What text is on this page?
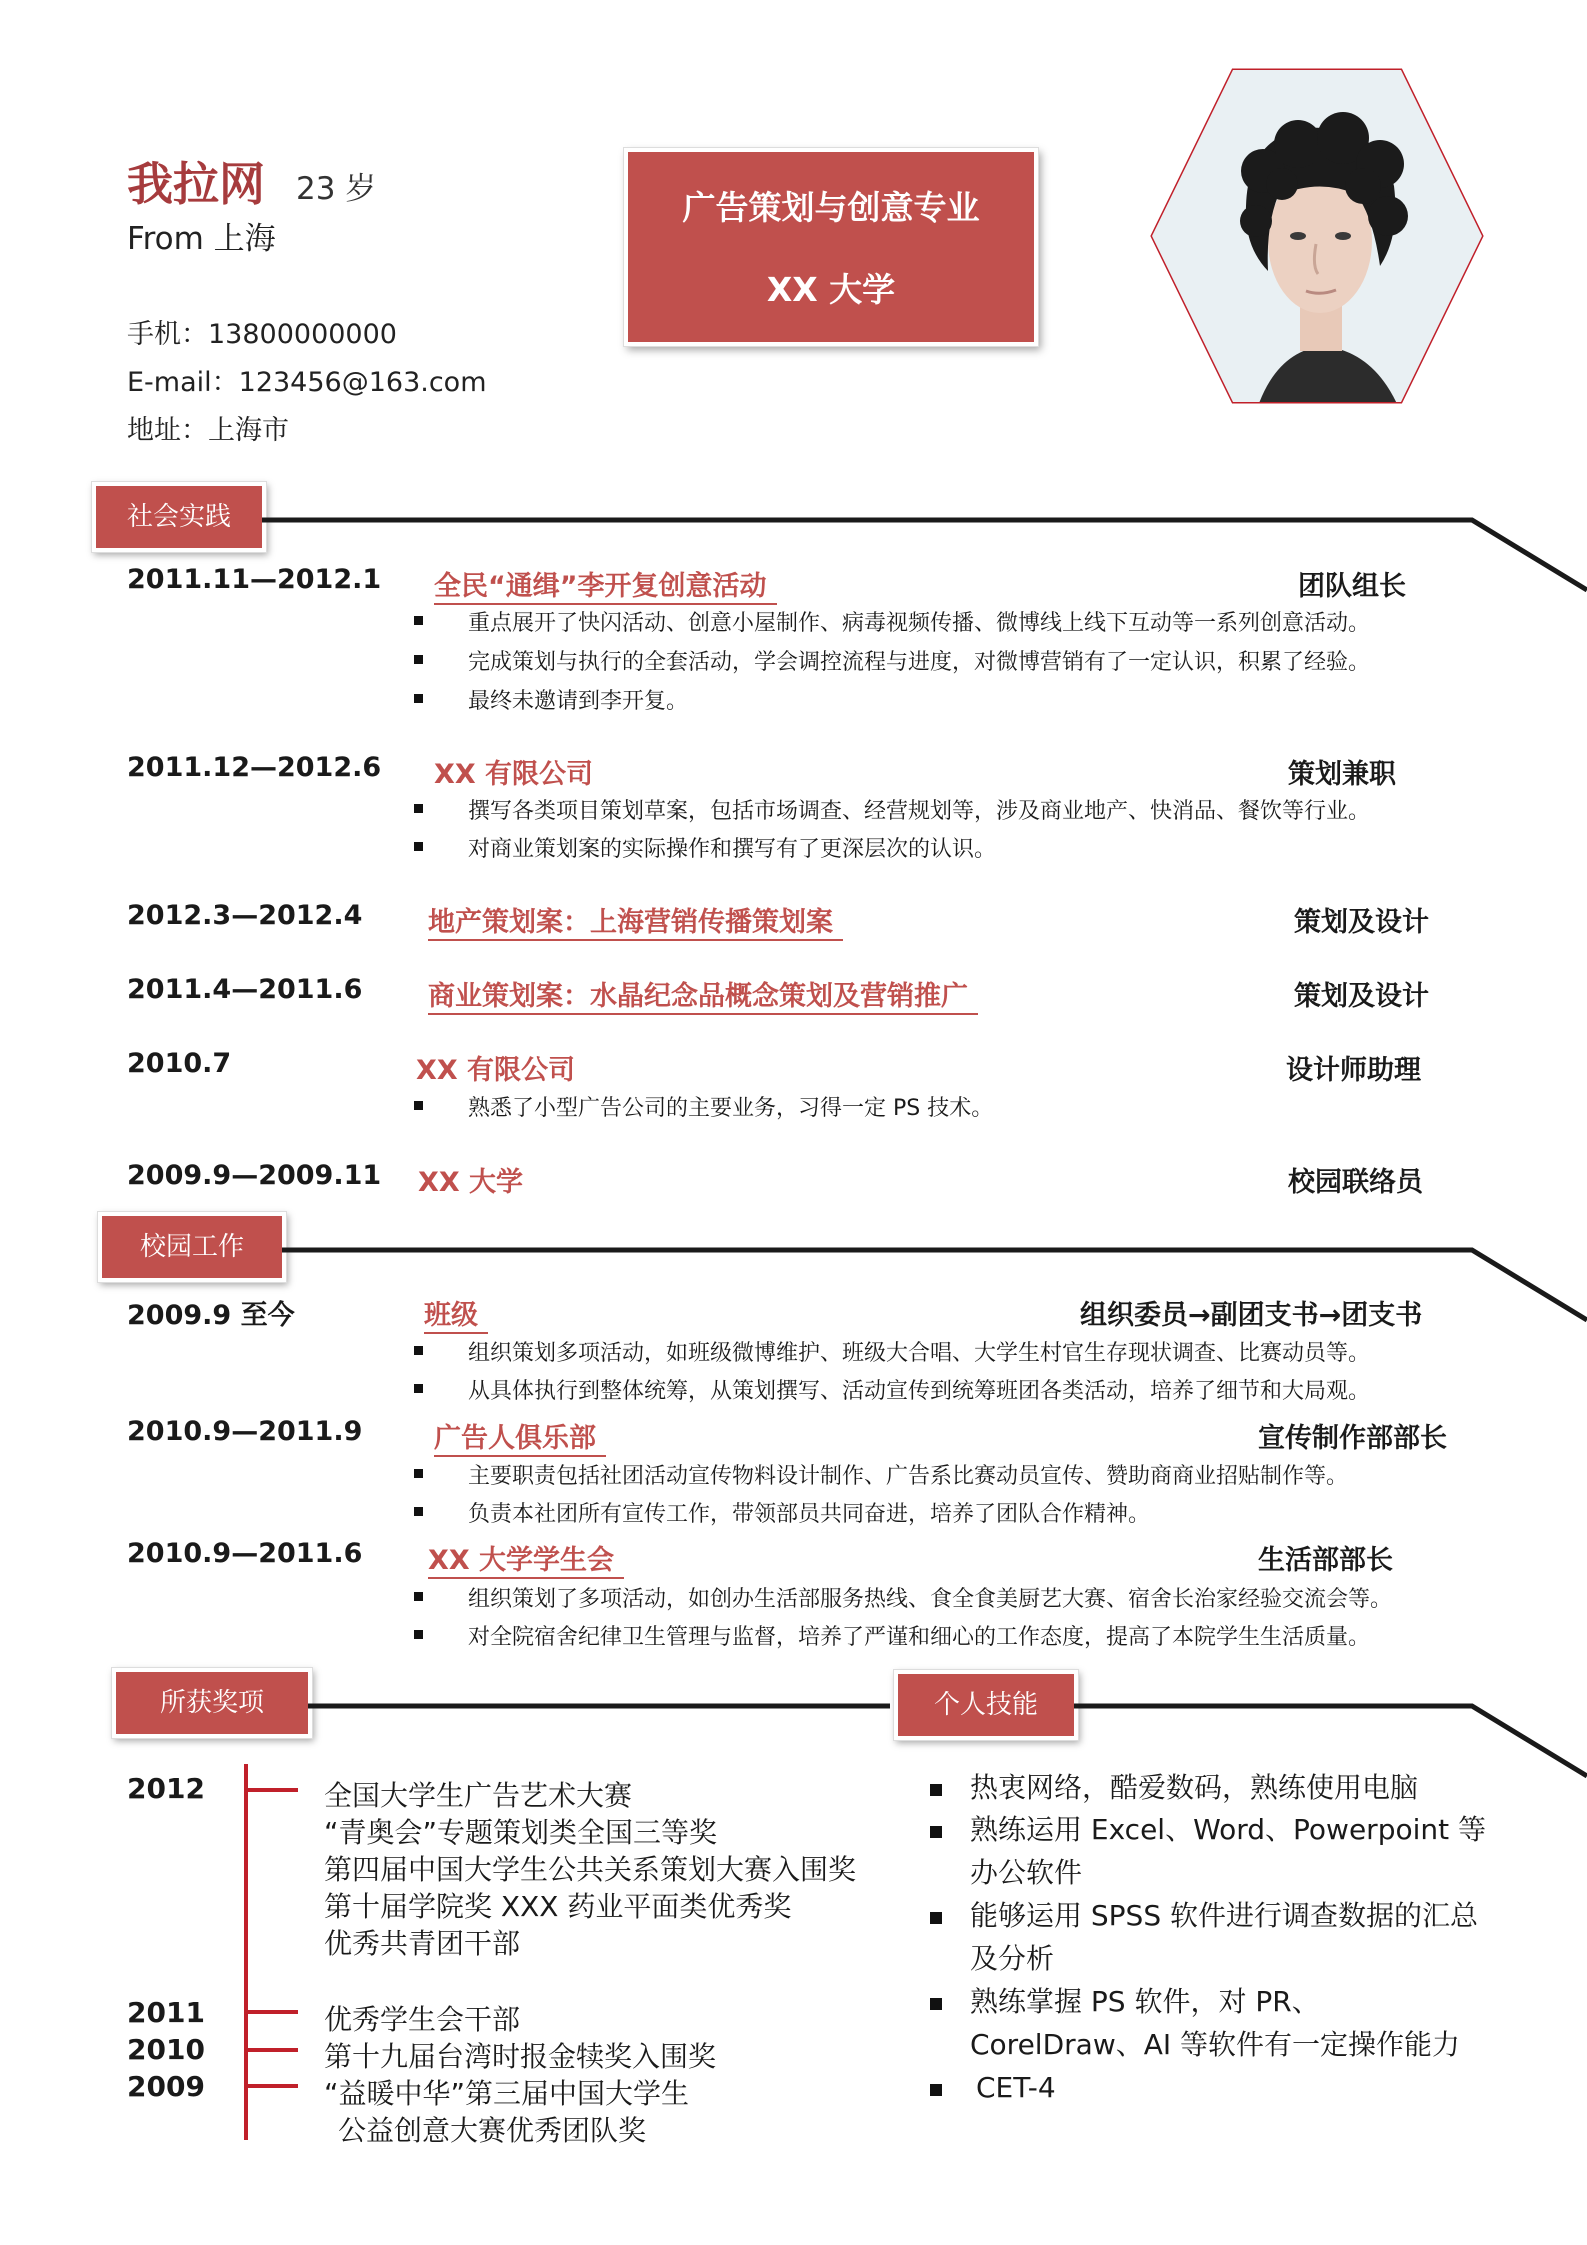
我拉网 23 岁
From 上海
手机：13800000000
E-mail：123456@163.com
地址：上海市
广告策划与创意专业
XX 大学
社会实践
2011.11—2012.1 全民“通缉”李开复创意活动	团队组长
重点展开了快闪活动、创意小屋制作、病毒视频传播、微博线上线下互动等一系列创意活动。
完成策划与执行的全套活动，学会调控流程与进度，对微博营销有了一定认识，积累了经验。
最终未邀请到李开复。
2011.12—2012.6 XX 有限公司	策划兼职
撰写各类项目策划草案，包括市场调查、经营规划等，涉及商业地产、快消品、餐饮等行业。
对商业策划案的实际操作和撰写有了更深层次的认识。
2012.3—2012.4 地产策划案：上海营销传播策划案	策划及设计
2011.4—2011.6 商业策划案：水晶纪念品概念策划及营销推广	策划及设计
2010.7	XX 有限公司	设计师助理
熟悉了小型广告公司的主要业务，习得一定 PS 技术。
2009.9—2009.11 XX 大学	校园联络员
校园工作
2009.9 至今	班级	组织委员→副团支书→团支书
组织策划多项活动，如班级微博维护、班级大合唱、大学生村官生存现状调查、比赛动员等。
从具体执行到整体统筹，从策划撰写、活动宣传到统筹班团各类活动，培养了细节和大局观。
2010.9—2011.9	广告人俱乐部	宣传制作部部长
主要职责包括社团活动宣传物料设计制作、广告系比赛动员宣传、赞助商商业招贴制作等。
负责本社团所有宣传工作，带领部员共同奋进，培养了团队合作精神。
2010.9—2011.6 XX 大学学生会	生活部部长
组织策划了多项活动，如创办生活部服务热线、食全食美厨艺大赛、宿舍长治家经验交流会等。
对全院宿舍纪律卫生管理与监督，培养了严谨和细心的工作态度，提高了本院学生生活质量。
所获奖项	个人技能
2012	全国大学生广告艺术大赛
“青奥会”专题策划类全国三等奖
第四届中国大学生公共关系策划大赛入围奖
第十届学院奖 XXX 药业平面类优秀奖
优秀共青团干部
2011	优秀学生会干部
2010	第十九届台湾时报金犊奖入围奖
2009	“益暖中华”第三届中国大学生
公益创意大赛优秀团队奖
热衷网络，酷爱数码，熟练使用电脑
熟练运用 Excel、Word、Powerpoint 等办公软件
能够运用 SPSS 软件进行调查数据的汇总及分析
熟练掌握 PS 软件，对 PR、CorelDraw、AI 等软件有一定操作能力
CET-4
